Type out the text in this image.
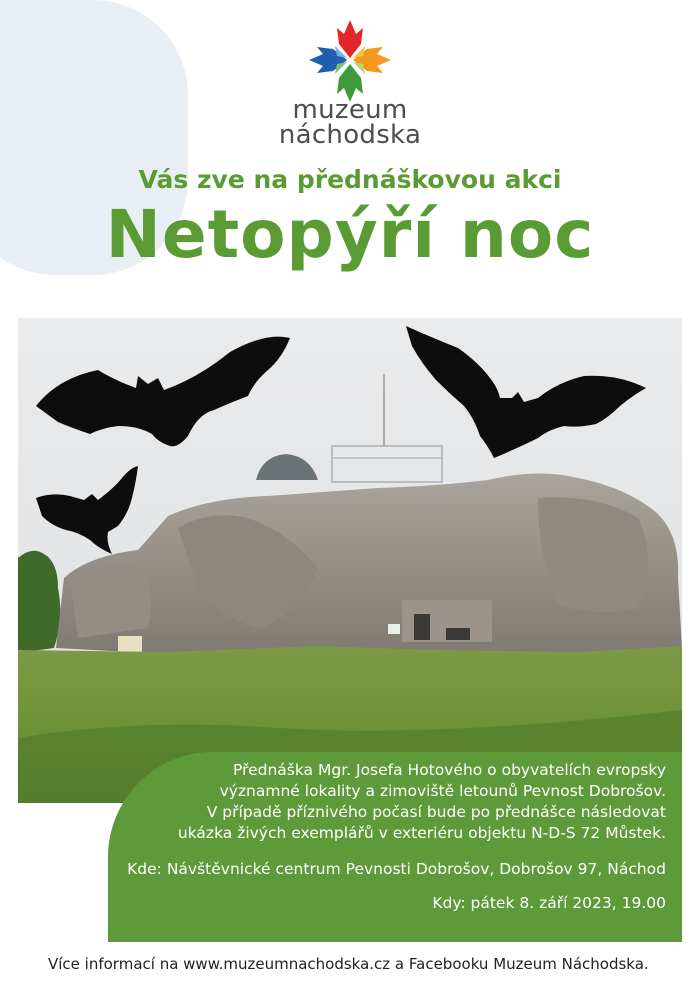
muzeum
náchodska
Vás zve na přednáškovou akci
Netopýří noc
Přednáška Mgr. Josefa Hotového o obyvatelích evropsky
významné lokality a zimoviště letounů Pevnost Dobrošov.
V případě příznivého počasí bude po přednášce následovat
ukázka živých exemplářů v exteriéru objektu N-D-S 72 Můstek.
Kde: Návštěvnické centrum Pevnosti Dobrošov, Dobrošov 97, Náchod
Kdy: pátek 8. září 2023, 19.00
Více informací na www.muzeumnachodska.cz a Facebooku Muzeum Náchodska.
